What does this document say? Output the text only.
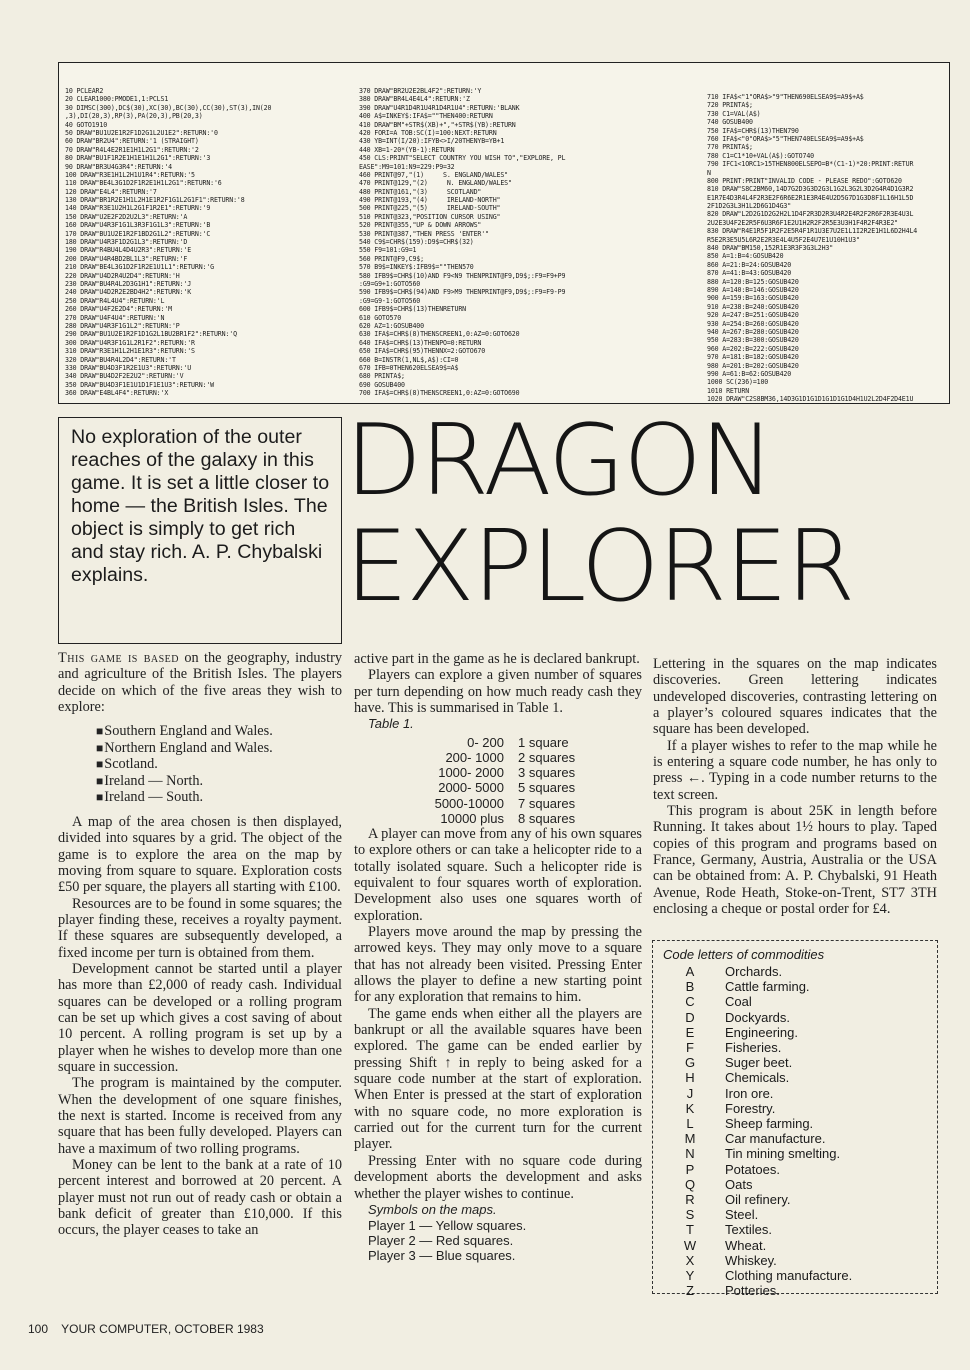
10 PCLEAR2
20 CLEAR1000:PMODE1,1:PCLS1
30 DIMSC(300),DC$(30),XC(30),BC(30),CC(30),ST(3),IN(20
,3),DI(20,3),RP(3),PA(20,3),PB(20,3)
40 GOTO1910
50 DRAW"BU1U2E1R2F1D2G1L2U1E2":RETURN:'0
60 DRAW"BR2U4":RETURN:'1 (STRAIGHT)
70 DRAW"R4L4E2R1E1H1L2G1":RETURN:'2
80 DRAW"BU1F1R2E1H1E1H1L2G1":RETURN:'3
90 DRAW"BR3U4G3R4":RETURN:'4
100 DRAW"R3E1H1L2H1U1R4":RETURN:'5
110 DRAW"BE4L3G1D2F1R2E1H1L2G1":RETURN:'6
120 DRAW"E4L4":RETURN:'7
130 DRAW"BR1R2E1H1L2H1E1R2F1G1L2G1F1":RETURN:'8
140 DRAW"R3E1U2H1L2G1F1R2E1":RETURN:'9
150 DRAW"U2E2F2D2U2L3":RETURN:'A
160 DRAW"U4R3F1G1L3R3F1G1L3":RETURN:'B
170 DRAW"BU1U2E1R2F1BD2G1L2":RETURN:'C
180 DRAW"U4R3F1D2G1L3":RETURN:'D
190 DRAW"R4BU4L4D4U2R3":RETURN:'E
200 DRAW"U4R4BD2BL1L3":RETURN:'F
210 DRAW"BE4L3G1D2F1R2E1U1L1":RETURN:'G
220 DRAW"U4D2R4U2D4":RETURN:'H
230 DRAW"BU4R4L2D3G1H1":RETURN:'J
240 DRAW"U4D2R2E2BD4H2":RETURN:'K
250 DRAW"R4L4U4":RETURN:'L
260 DRAW"U4F2E2D4":RETURN:'M
270 DRAW"U4F4U4":RETURN:'N
280 DRAW"U4R3F1G1L2":RETURN:'P
290 DRAW"BU1U2E1R2F1D1G2L1BU2BR1F2":RETURN:'Q
300 DRAW"U4R3F1G1L2R1F2":RETURN:'R
310 DRAW"R3E1H1L2H1E1R3":RETURN:'S
320 DRAW"BU4R4L2D4":RETURN:'T
330 DRAW"BU4D3F1R2E1U3":RETURN:'U
340 DRAW"BU4D2F2E2U2":RETURN:'V
350 DRAW"BU4D3F1E1U1D1F1E1U3":RETURN:'W
360 DRAW"E4BL4F4":RETURN:'X
370 DRAW"BR2U2E2BL4F2":RETURN:'Y
380 DRAW"BR4L4E4L4":RETURN:'Z
390 DRAW"U4R1D4R1U4R1D4R1U4":RETURN:'BLANK
400 A$=INKEY$:IFA$=""THEN400:RETURN
410 DRAW"BM"+STR$(XB)+","+STR$(YB):RETURN
420 FORI=A TOB:SC(I)=100:NEXT:RETURN
430 YB=INT(I/20):IFYB<>I/20THENYB=YB+1
440 XB=1-20*(YB-1):RETURN
450 CLS:PRINT"SELECT COUNTRY YOU WISH TO","EXPLORE, PL
EASE":M9=101:N9=229:P9=32
460 PRINT@97,"(1)     S. ENGLAND/WALES"
470 PRINT@129,"(2)     N. ENGLAND/WALES"
480 PRINT@161,"(3)     SCOTLAND"
490 PRINT@193,"(4)     IRELAND-NORTH"
500 PRINT@225,"(5)     IRELAND-SOUTH"
510 PRINT@323,"POSITION CURSOR USING"
520 PRINT@355,"UP & DOWN ARROWS"
530 PRINT@387,"THEN PRESS 'ENTER'"
540 C9$=CHR$(159):D9$=CHR$(32)
550 F9=101:G9=1
560 PRINT@F9,C9$;
570 B9$=INKEY$:IFB9$=""THEN570
580 IFB9$=CHR$(10)AND F9<N9 THENPRINT@F9,D9$;:F9=F9+P9
:G9=G9+1:GOTO560
590 IFB9$=CHR$(94)AND F9>M9 THENPRINT@F9,D9$;:F9=F9-P9
:G9=G9-1:GOTO560
600 IFB9$=CHR$(13)THENRETURN
610 GOTO570
620 AZ=1:GOSUB400
630 IFA$=CHR$(8)THENSCREEN1,0:AZ=0:GOTO620
640 IFA$=CHR$(13)THENPO=0:RETURN
650 IFA$=CHR$(95)THENNX=2:GOTO670
660 B=INSTR(1,NL$,A$):CI=0
670 IFB=0THEN620ELSEA9$=A$
680 PRINTA$;
690 GOSUB400
700 IFA$=CHR$(8)THENSCREEN1,0:AZ=0:GOTO690
710 IFA$<"1"ORA$>"9"THEN690ELSEA9$=A9$+A$
720 PRINTA$;
730 C1=VAL(A$)
740 GOSUB400
750 IFA$=CHR$(13)THEN790
760 IFA$<"0"ORA$>"5"THEN740ELSEA9$=A9$+A$
770 PRINTA$;
780 C1=C1*10+VAL(A$):GOTO740
790 IFC1<1ORC1>15THEN800ELSEPO=B*(C1-1)*20:PRINT:RETUR
N
800 PRINT:PRINT"INVALID CODE - PLEASE REDO":GOTO620
810 DRAW"S8C2BM60,14D7G2D3G3D2G3L1G2L3G2L3D2G4R4D1G3R2
E1R7E4D3R4L4F2R3E2F6R6E2R1E3R4E4U2D5G7D1G3D8F1L16H1L5D
2F1D2G3L3H1L2D6G1D4G3"
820 DRAW"L2D2G1D2G2H2L1D4F2R3D2R3U4R2E4R2F2R6F2R3E4U3L
2U2E3U4F2E2R5F6U3R6F1E2U1H2R2F2R5E3U3H1F4R2F4R3E2"
830 DRAW"R4E1R5F1R2F2E5R4F1R1U3E7U2E1L1I2R2E1H1L6D2H4L4
R5E2R3E5U5L6R2E2R3E4L4U5F2E4U7E1U10H1U3"
840 DRAW"BM150,152R1E3R3F3G3L2H3"
850 A=1:B=4:GOSUB420
860 A=21:B=24:GOSUB420
870 A=41:B=43:GOSUB420
880 A=120:B=125:GOSUB420
890 A=140:B=146:GOSUB420
900 A=159:B=163:GOSUB420
910 A=238:B=240:GOSUB420
920 A=247:B=251:GOSUB420
930 A=254:B=260:GOSUB420
940 A=267:B=280:GOSUB420
950 A=283:B=300:GOSUB420
960 A=202:B=222:GOSUB420
970 A=181:B=182:GOSUB420
980 A=201:B=202:GOSUB420
990 A=61:B=62:GOSUB420
1000 SC(236)=100
1010 RETURN
1020 DRAW"C2S8BM36,14D3G1D1G1D1G1D1G1D4H1U2L2D4F2D4E1U
No exploration of the outer reaches of the galaxy in this game. It is set a little closer to home — the British Isles. The object is simply to get rich and stay rich. A. P. Chybalski explains.
DRAGON
EXPLORER

This game is based on the geography, industry and agriculture of the British Isles. The players decide on which of the five areas they wish to explore:

■ Southern England and Wales.
■ Northern England and Wales.
■ Scotland.
■ Ireland — North.
■ Ireland — South.

A map of the area chosen is then displayed, divided into squares by a grid. The object of the game is to explore the area on the map by moving from square to square. Exploration costs £50 per square, the players all starting with £100.

Resources are to be found in some squares; the player finding these, receives a royalty payment. If these squares are subsequently developed, a fixed income per turn is obtained from them.

Development cannot be started until a player has more than £2,000 of ready cash. Individual squares can be developed or a rolling program can be set up which gives a cost saving of about 10 percent. A rolling program is set up by a player when he wishes to develop more than one square in succession.

The program is maintained by the computer. When the development of one square finishes, the next is started. Income is received from any square that has been fully developed. Players can have a maximum of two rolling programs.

Money can be lent to the bank at a rate of 10 percent interest and borrowed at 20 percent. A player must not run out of ready cash or obtain a bank deficit of greater than £10,000. If this occurs, the player ceases to take an

active part in the game as he is declared bankrupt.

Players can explore a given number of squares per turn depending on how much ready cash they have. This is summarised in Table 1.

Table 1.

0- 200	1 square
200- 1000	2 squares
1000- 2000	3 squares
2000- 5000	5 squares
5000-10000	7 squares
10000 plus	8 squares

A player can move from any of his own squares to explore others or can take a helicopter ride to a totally isolated square. Such a helicopter ride is equivalent to four squares worth of exploration. Development also uses one squares worth of exploration.

Players move around the map by pressing the arrowed keys. They may only move to a square that has not already been visited. Pressing Enter allows the player to define a new starting point for any exploration that remains to him.

The game ends when either all the players are bankrupt or all the available squares have been explored. The game can be ended earlier by pressing Shift ↑ in reply to being asked for a square code number at the start of exploration. When Enter is pressed at the start of exploration with no square code, no more exploration is carried out for the current turn for the current player.

Pressing Enter with no square code during development aborts the development and asks whether the player wishes to continue.

Symbols on the maps.

Player 1 — Yellow squares.

Player 2 — Red squares.

Player 3 — Blue squares.

Lettering in the squares on the map indicates discoveries. Green lettering indicates undeveloped discoveries, contrasting lettering on a player’s coloured squares indicates that the square has been developed.

If a player wishes to refer to the map while he is entering a square code number, he has only to press ←. Typing in a code number returns to the text screen.

This program is about 25K in length before Running. It takes about 1½ hours to play. Taped copies of this program and programs based on France, Germany, Austria, Australia or the USA can be obtained from: A. P. Chybalski, 91 Heath Avenue, Rode Heath, Stoke-on-Trent, ST7 3TH enclosing a cheque or postal order for £4.

Code letters of commodities
A	Orchards.
B	Cattle farming.
C	Coal
D	Dockyards.
E	Engineering.
F	Fisheries.
G	Suger beet.
H	Chemicals.
J	Iron ore.
K	Forestry.
L	Sheep farming.
M	Car manufacture.
N	Tin mining smelting.
P	Potatoes.
Q	Oats
R	Oil refinery.
S	Steel.
T	Textiles.
W	Wheat.
X	Whiskey.
Y	Clothing manufacture.
Z	Potteries.
100 YOUR COMPUTER, OCTOBER 1983
